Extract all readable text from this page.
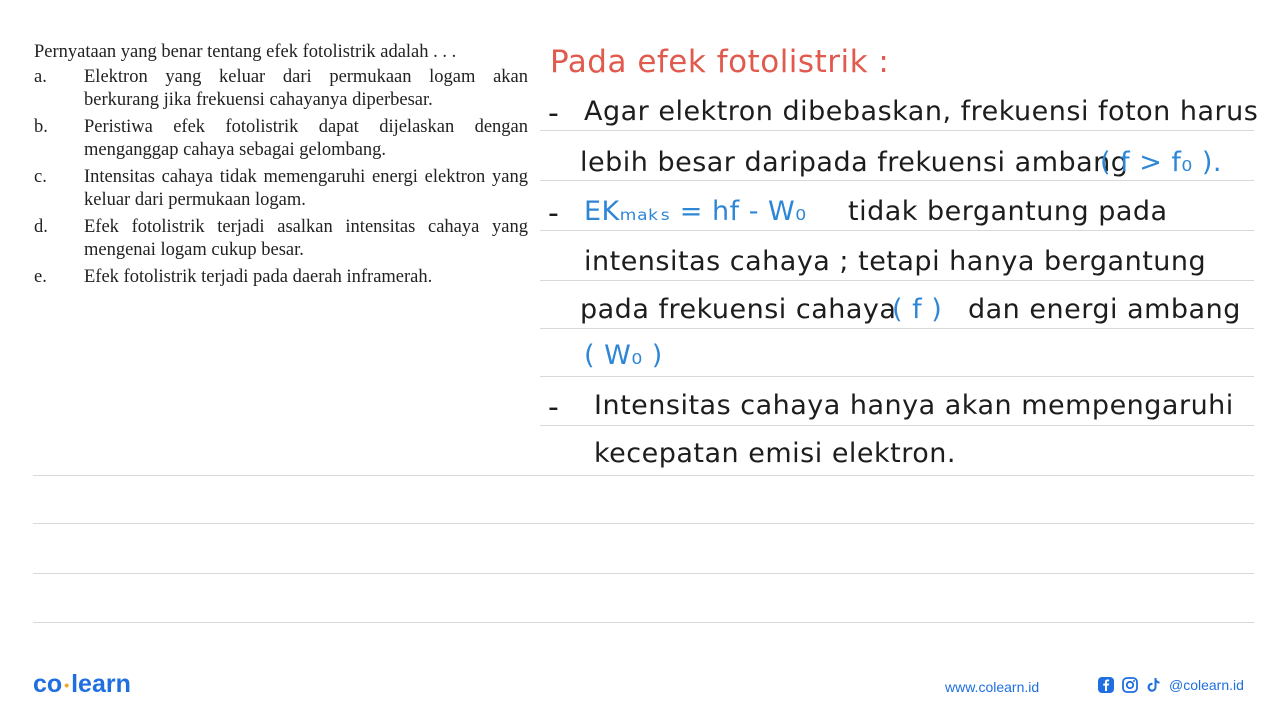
Pernyataan yang benar tentang efek fotolistrik adalah . . .
a.	Elektron yang keluar dari permukaan logam akan berkurang jika frekuensi cahayanya diperbesar.
b.	Peristiwa efek fotolistrik dapat dijelaskan dengan menganggap cahaya sebagai gelombang.
c.	Intensitas cahaya tidak memengaruhi energi elektron yang keluar dari permukaan logam.
d.	Efek fotolistrik terjadi asalkan intensitas cahaya yang mengenai logam cukup besar.
e.	Efek fotolistrik terjadi pada daerah inframerah.
Pada efek fotolistrik :
- Agar elektron dibebaskan, frekuensi foton harus
lebih besar daripada frekuensi ambang
( f > f₀ ).
- EKₘₐₖₛ = hf - W₀ tidak bergantung pada
intensitas cahaya ; tetapi hanya bergantung
pada frekuensi cahaya
( f ) dan energi ambang
( W₀ )
- Intensitas cahaya hanya akan mempengaruhi
kecepatan emisi elektron.
co •learn	www.colearn.id	@colearn.id
